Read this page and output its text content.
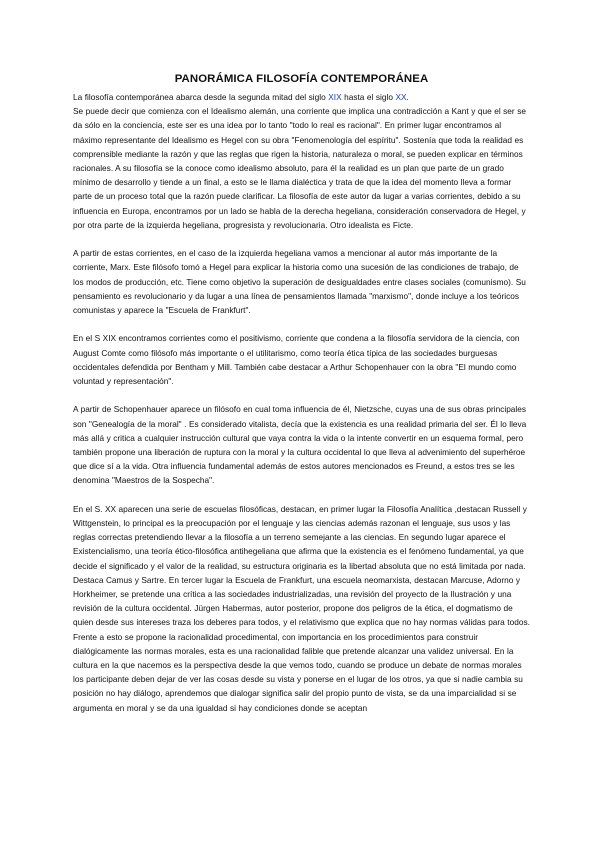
PANORÁMICA FILOSOFÍA CONTEMPORÁNEA

La filosofía contemporánea abarca desde la segunda mitad del siglo XIX hasta el siglo XX.
Se puede decir que comienza con el Idealismo alemán, una corriente que implica una contradicción a Kant y que el ser se da sólo en la conciencia, este ser es una idea por lo tanto "todo lo real es racional". En primer lugar encontramos al máximo representante del Idealismo es Hegel con su obra "Fenomenología del espíritu". Sostenía que toda la realidad es comprensible mediante la razón y que las reglas que rigen la historia, naturaleza o moral, se pueden explicar en términos racionales. A su filosofía se la conoce como idealismo absoluto, para él la realidad es un plan que parte de un grado mínimo de desarrollo y tiende a un final, a esto se le llama dialéctica y trata de que la idea del momento lleva a formar parte de un proceso total que la razón puede clarificar. La filosofía de este autor da lugar a varias corrientes, debido a su influencia en Europa, encontramos por un lado se habla de la derecha hegeliana, consideración conservadora de Hegel, y por otra parte de la izquierda hegeliana, progresista y revolucionaria. Otro idealista es Ficte.

A partir de estas corrientes, en el caso de la izquierda hegeliana vamos a mencionar al autor más importante de la corriente, Marx. Este filósofo tomó a Hegel para explicar la historia como una sucesión de las condiciones de trabajo, de los modos de producción, etc. Tiene como objetivo la superación de desigualdades entre clases sociales (comunismo). Su pensamiento es revolucionario y da lugar a una línea de pensamientos llamada "marxismo", donde incluye a los teóricos comunistas y aparece la "Escuela de Frankfurt".

En el S XIX encontramos corrientes como el positivismo, corriente que condena a la filosofía servidora de la ciencia, con August Comte como filósofo más importante o el utilitarismo, como teoría ética típica de las sociedades burguesas occidentales defendida por Bentham y Mill. También cabe destacar a Arthur Schopenhauer con la obra "El mundo como voluntad y representación".

A partir de Schopenhauer aparece un filósofo en cual toma influencia de él, Nietzsche, cuyas una de sus obras principales son "Genealogía de la moral" . Es considerado vitalista, decía que la existencia es una realidad primaria del ser. Él lo lleva más allá y critica a cualquier instrucción cultural que vaya contra la vida o la intente convertir en un esquema formal, pero también propone una liberación de ruptura con la moral y la cultura occidental lo que lleva al advenimiento del superhéroe que dice sí a la vida. Otra influencia fundamental además de estos autores mencionados es Freund, a estos tres se les denomina "Maestros de la Sospecha".

En el S. XX aparecen una serie de escuelas filosóficas, destacan, en primer lugar la Filosofía Analítica ,destacan Russell y Wittgenstein, lo principal es la preocupación por el lenguaje y las ciencias además razonan el lenguaje, sus usos y las reglas correctas pretendiendo llevar a la filosofía a un terreno semejante a las ciencias. En segundo lugar aparece el Existencialismo, una teoría ético-filosófica antihegeliana que afirma que la existencia es el fenómeno fundamental, ya que decide el significado y el valor de la realidad, su estructura originaria es la libertad absoluta que no está limitada por nada. Destaca Camus y Sartre. En tercer lugar la Escuela de Frankfurt, una escuela neomarxista, destacan Marcuse, Adorno y Horkheimer, se pretende una crítica a las sociedades industrializadas, una revisión del proyecto de la Ilustración y una revisión de la cultura occidental. Jürgen Habermas, autor posterior, propone dos peligros de la ética, el dogmatismo de quien desde sus intereses traza los deberes para todos, y el relativismo que explica que no hay normas válidas para todos. Frente a esto se propone la racionalidad procedimental, con importancia en los procedimientos para construir dialógicamente las normas morales, esta es una racionalidad falible que pretende alcanzar una validez universal. En la cultura en la que nacemos es la perspectiva desde la que vemos todo, cuando se produce un debate de normas morales los participante deben dejar de ver las cosas desde su vista y ponerse en el lugar de los otros, ya que si nadie cambia su posición no hay diálogo, aprendemos que dialogar significa salir del propio punto de vista, se da una imparcialidad si se argumenta en moral y se da una igualdad si hay condiciones donde se aceptan
